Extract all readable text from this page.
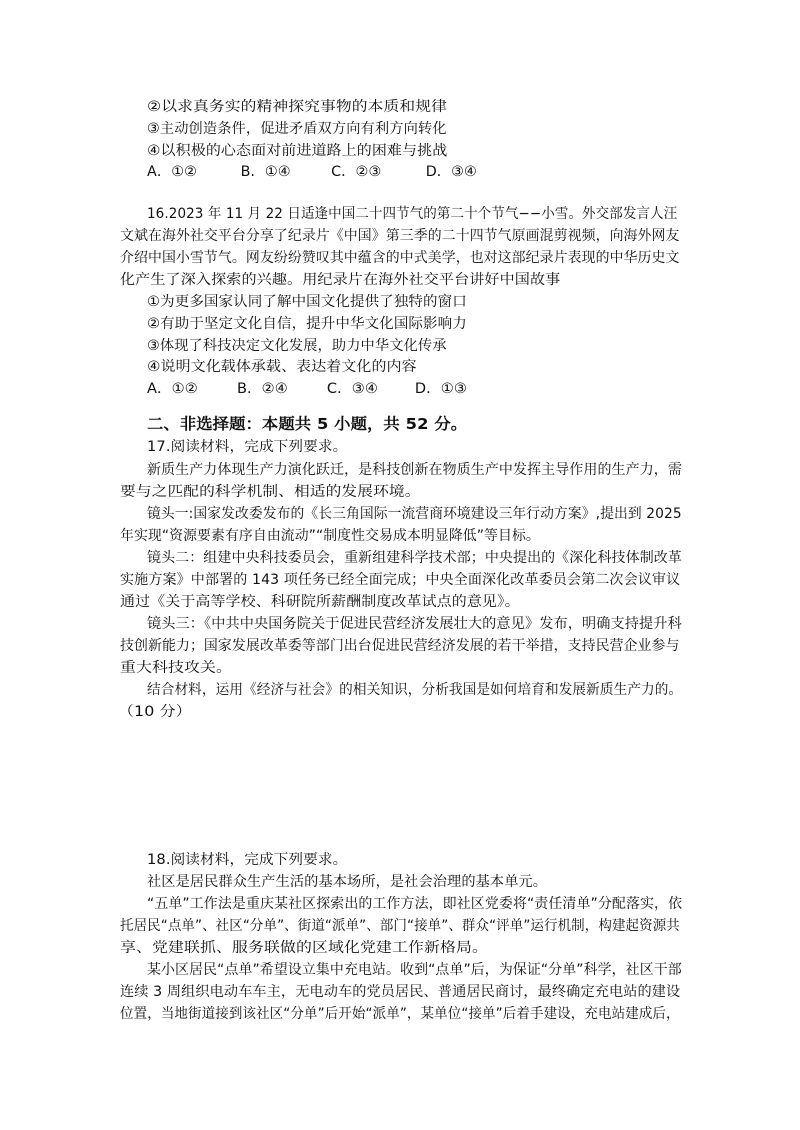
②以求真务实的精神探究事物的本质和规律
③主动创造条件，促进矛盾双方向有利方向转化
④以积极的心态面对前进道路上的困难与挑战
A．①②	B．①④	C．②③	D．③④
16.2023 年 11 月 22 日适逢中国二十四节气的第二十个节气−−小雪。外交部发言人汪
文斌在海外社交平台分享了纪录片《中国》第三季的二十四节气原画混剪视频，向海外网友
介绍中国小雪节气。网友纷纷赞叹其中蕴含的中式美学，也对这部纪录片表现的中华历史文
化产生了深入探索的兴趣。用纪录片在海外社交平台讲好中国故事
①为更多国家认同了解中国文化提供了独特的窗口
②有助于坚定文化自信，提升中华文化国际影响力
③体现了科技决定文化发展，助力中华文化传承
④说明文化载体承载、表达着文化的内容
A．①②	B．②④	C．③④	D．①③
二、非选择题：本题共 5 小题，共 52 分。
17.阅读材料，完成下列要求。
新质生产力体现生产力演化跃迁，是科技创新在物质生产中发挥主导作用的生产力，需
要与之匹配的科学机制、相适的发展环境。
镜头一:国家发改委发布的《长三角国际一流营商环境建设三年行动方案》,提出到 2025
年实现“资源要素有序自由流动”“制度性交易成本明显降低”等目标。
镜头二：组建中央科技委员会，重新组建科学技术部；中央提出的《深化科技体制改革
实施方案》中部署的 143 项任务已经全面完成；中央全面深化改革委员会第二次会议审议
通过《关于高等学校、科研院所薪酬制度改革试点的意见》。
镜头三：《中共中央国务院关于促进民营经济发展壮大的意见》发布，明确支持提升科
技创新能力；国家发展改革委等部门出台促进民营经济发展的若干举措，支持民营企业参与
重大科技攻关。
结合材料，运用《经济与社会》的相关知识，分析我国是如何培育和发展新质生产力的。
（10 分）
18.阅读材料，完成下列要求。
社区是居民群众生产生活的基本场所，是社会治理的基本单元。
“五单”工作法是重庆某社区探索出的工作方法，即社区党委将“责任清单”分配落实，依
托居民“点单”、社区“分单”、街道“派单”、部门“接单”、群众“评单”运行机制，构建起资源共
享、党建联抓、服务联做的区域化党建工作新格局。
某小区居民“点单”希望设立集中充电站。收到“点单”后，为保证“分单”科学，社区干部
连续 3 周组织电动车车主，无电动车的党员居民、普通居民商讨，最终确定充电站的建设
位置，当地街道接到该社区“分单”后开始“派单”，某单位“接单”后着手建设，充电站建成后，
